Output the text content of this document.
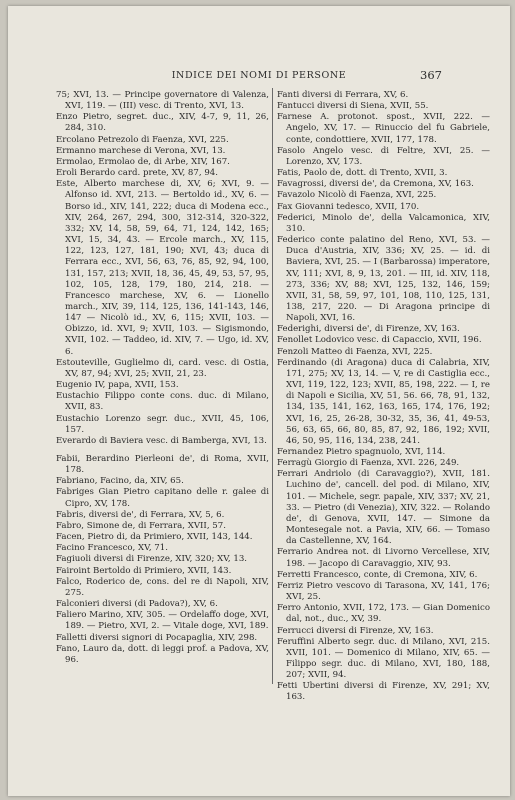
INDICE DEI NOMI DI PERSONE	367

75; XVI, 13. — Principe governatore di Valenza, XVI, 119. — (III) vesc. di Trento, XVI, 13.

Enzo Pietro, segret. duc., XIV, 4-7, 9, 11, 26, 284, 310.

Ercolano Petrezolo di Faenza, XVI, 225.

Ermanno marchese di Verona, XVI, 13.

Ermolao, Ermolao de, di Arbe, XIV, 167.

Eroli Berardo card. prete, XV, 87, 94.

Este, Alberto marchese di, XV, 6; XVI, 9. — Alfonso id. XVI, 213. — Bertoldo id., XV, 6. — Borso id., XIV, 141, 222; duca di Modena ecc., XIV, 264, 267, 294, 300, 312-314, 320-322, 332; XV, 14, 58, 59, 64, 71, 124, 142, 165; XVI, 15, 34, 43. — Ercole march., XV, 115, 122, 123, 127, 181, 190; XVI, 43; duca di Ferrara ecc., XVI, 56, 63, 76, 85, 92, 94, 100, 131, 157, 213; XVII, 18, 36, 45, 49, 53, 57, 95, 102, 105, 128, 179, 180, 214, 218. — Francesco marchese, XV, 6. — Lionello march., XIV, 39, 114, 125, 136, 141-143, 146, 147 — Nicolò id., XV, 6, 115; XVII, 103. — Obizzo, id. XVI, 9; XVII, 103. — Sigismondo, XVII, 102. — Taddeo, id. XIV, 7. — Ugo, id. XV, 6.

Estouteville, Guglielmo di, card. vesc. di Ostia, XV, 87, 94; XVI, 25; XVII, 21, 23.

Eugenio IV, papa, XVII, 153.

Eustachio Filippo conte cons. duc. di Milano, XVII, 83.

Eustachio Lorenzo segr. duc., XVII, 45, 106, 157.

Everardo di Baviera vesc. di Bamberga, XVI, 13.

Fabii, Berardino Pierleoni de', di Roma, XVII, 178.

Fabriano, Facino, da, XIV, 65.

Fabriges Gian Pietro capitano delle r. galee di Cipro, XV, 178.

Fabris, diversi de', di Ferrara, XV, 5, 6.

Fabro, Simone de, di Ferrara, XVII, 57.

Facen, Pietro di, da Primiero, XVII, 143, 144.

Facino Francesco, XV, 71.

Fagiuoli diversi di Firenze, XIV, 320; XV, 13.

Fairoint Bertoldo di Primiero, XVII, 143.

Falco, Roderico de, cons. del re di Napoli, XIV, 275.

Falconieri diversi (di Padova?), XV, 6.

Faliero Marino, XIV, 305. — Ordelaffo doge, XVI, 189. — Pietro, XVI, 2. — Vitale doge, XVI, 189.

Falletti diversi signori di Pocapaglia, XIV, 298.

Fano, Lauro da, dott. di leggi prof. a Padova, XV, 96.

Fanti diversi di Ferrara, XV, 6.

Fantucci diversi di Siena, XVII, 55.

Farnese A. protonot. spost., XVII, 222. — Angelo, XV, 17. — Rinuccio del fu Gabriele, conte, condottiere, XVII, 177, 178.

Fasolo Angelo vesc. di Feltre, XVI, 25. — Lorenzo, XV, 173.

Fatis, Paolo de, dott. di Trento, XVII, 3.

Favagrossi, diversi de', da Cremona, XV, 163.

Favazolo Nicolò di Faenza, XVI, 225.

Fax Giovanni tedesco, XVII, 170.

Federici, Minolo de', della Valcamonica, XIV, 310.

Federico conte palatino del Reno, XVI, 53. — Duca d'Austria, XIV, 336; XV, 25. — id. di Baviera, XVI, 25. — I (Barbarossa) imperatore, XV, 111; XVI, 8, 9, 13, 201. — III, id. XIV, 118, 273, 336; XV, 88; XVI, 125, 132, 146, 159; XVII, 31, 58, 59, 97, 101, 108, 110, 125, 131, 138, 217, 220. — Di Aragona principe di Napoli, XVI, 16.

Federighi, diversi de', di Firenze, XV, 163.

Fenollet Lodovico vesc. di Capaccio, XVII, 196.

Fenzoli Matteo di Faenza, XVI, 225.

Ferdinando (di Aragona) duca di Calabria, XIV, 171, 275; XV, 13, 14. — V, re di Castiglia ecc., XVI, 119, 122, 123; XVII, 85, 198, 222. — I, re di Napoli e Sicilia, XV, 51, 56. 66, 78, 91, 132, 134, 135, 141, 162, 163, 165, 174, 176, 192; XVI, 16, 25, 26-28, 30-32, 35, 36, 41, 49-53, 56, 63, 65, 66, 80, 85, 87, 92, 186, 192; XVII, 46, 50, 95, 116, 134, 238, 241.

Fernandez Pietro spagnuolo, XVI, 114.

Ferragù Giorgio di Faenza, XVI. 226, 249.

Ferrari Andriolo (di Caravaggio?), XVII, 181. Luchino de', cancell. del pod. di Milano, XIV, 101. — Michele, segr. papale, XIV, 337; XV, 21, 33. — Pietro (di Venezia), XIV, 322. — Rolando de', di Genova, XVII, 147. — Simone da Montesegale not. a Pavia, XIV, 66. — Tomaso da Castellenne, XV, 164.

Ferrario Andrea not. di Livorno Vercellese, XIV, 198. — Jacopo di Caravaggio, XIV, 93.

Ferretti Francesco, conte, di Cremona, XIV, 6.

Ferriz Pietro vescovo di Tarasona, XV, 141, 176; XVI, 25.

Ferro Antonio, XVII, 172, 173. — Gian Domenico dal, not., duc., XV, 39.

Ferrucci diversi di Firenze, XV, 163.

Feruffini Alberto segr. duc. di Milano, XVI, 215. XVII, 101. — Domenico di Milano, XIV, 65. — Filippo segr. duc. di Milano, XVI, 180, 188, 207; XVII, 94.

Fetti Ubertini diversi di Firenze, XV, 291; XV, 163.
